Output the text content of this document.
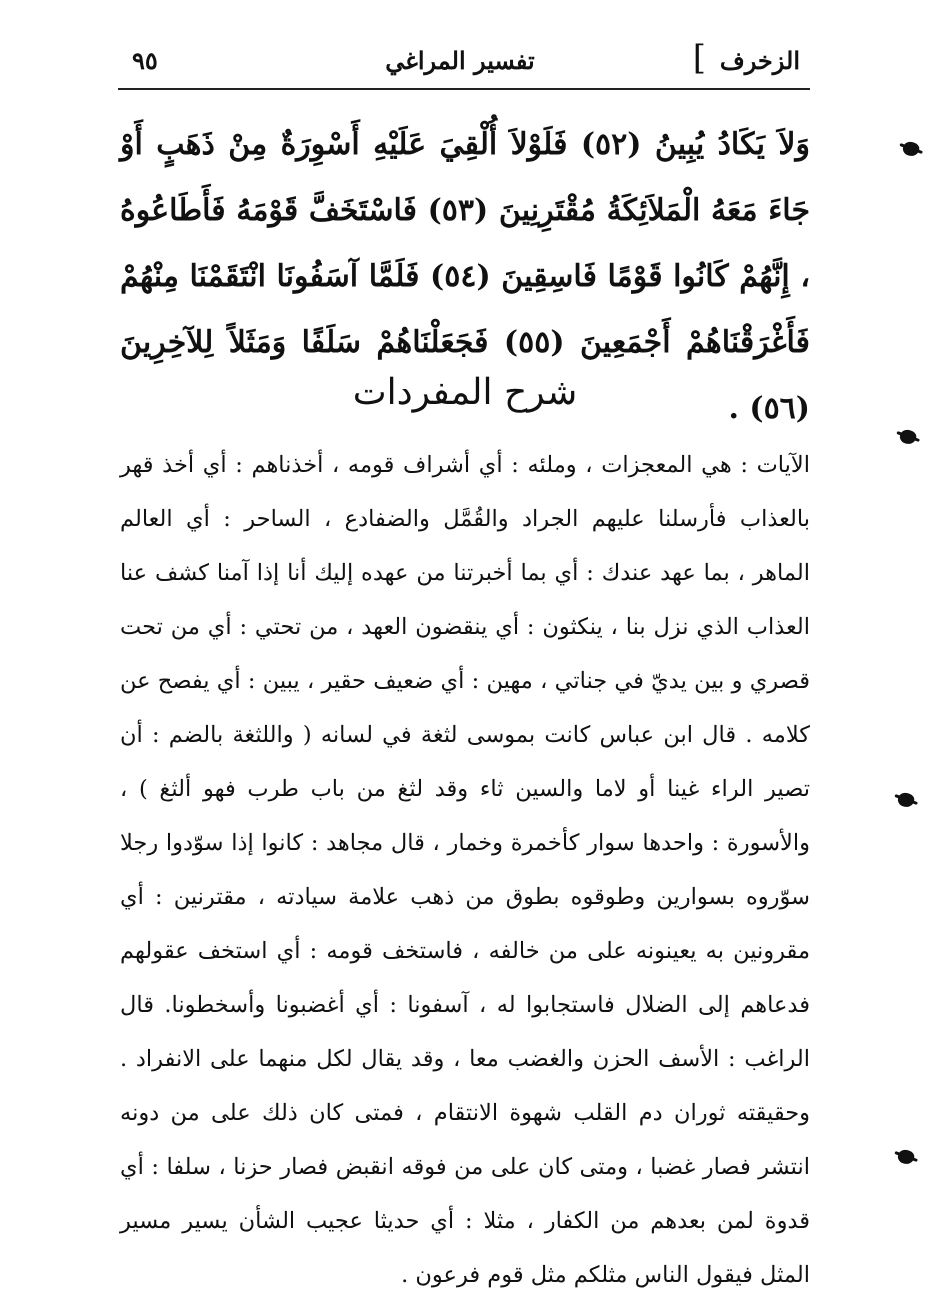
الزخرف
]
تفسير المراغي
٩٥
وَلاَ يَكَادُ يُبِينُ (٥٢) فَلَوْلاَ أُلْقِيَ عَلَيْهِ أَسْوِرَةٌ مِنْ ذَهَبٍ أَوْ جَاءَ مَعَهُ الْمَلاَئِكَةُ مُقْتَرِنِينَ (٥٣) فَاسْتَخَفَّ قَوْمَهُ فَأَطَاعُوهُ ، إِنَّهُمْ كَانُوا قَوْمًا فَاسِقِينَ (٥٤) فَلَمَّا آسَفُونَا انْتَقَمْنَا مِنْهُمْ فَأَغْرَقْنَاهُمْ أَجْمَعِينَ (٥٥) فَجَعَلْنَاهُمْ سَلَفًا وَمَثَلاً لِلآخِرِينَ (٥٦) .
شرح المفردات
الآيات : هي المعجزات ، وملئه : أي أشراف قومه ، أخذناهم : أي أخذ قهر بالعذاب فأرسلنا عليهم الجراد والقُمَّل والضفادع ، الساحر : أي العالم الماهر ، بما عهد عندك : أي بما أخبرتنا من عهده إليك أنا إذا آمنا كشف عنا العذاب الذي نزل بنا ، ينكثون : أي ينقضون العهد ، من تحتي : أي من تحت قصري و بين يديّ في جناتي ، مهين : أي ضعيف حقير ، يبين : أي يفصح عن كلامه . قال ابن عباس كانت بموسى لثغة في لسانه ( واللثغة بالضم : أن تصير الراء غينا أو لاما والسين ثاء وقد لثغ من باب طرب فهو ألثغ ) ، والأسورة : واحدها سوار كأخمرة وخمار ، قال مجاهد : كانوا إذا سوّدوا رجلا سوّروه بسوارين وطوقوه بطوق من ذهب علامة سيادته ، مقترنين : أي مقرونين به يعينونه على من خالفه ، فاستخف قومه : أي استخف عقولهم فدعاهم إلى الضلال فاستجابوا له ، آسفونا : أي أغضبونا وأسخطونا. قال الراغب : الأسف الحزن والغضب معا ، وقد يقال لكل منهما على الانفراد . وحقيقته ثوران دم القلب شهوة الانتقام ، فمتى كان ذلك على من دونه انتشر فصار غضبا ، ومتى كان على من فوقه انقبض فصار حزنا ، سلفا : أي قدوة لمن بعدهم من الكفار ، مثلا : أي حديثا عجيب الشأن يسير مسير المثل فيقول الناس مثلكم مثل قوم فرعون .
